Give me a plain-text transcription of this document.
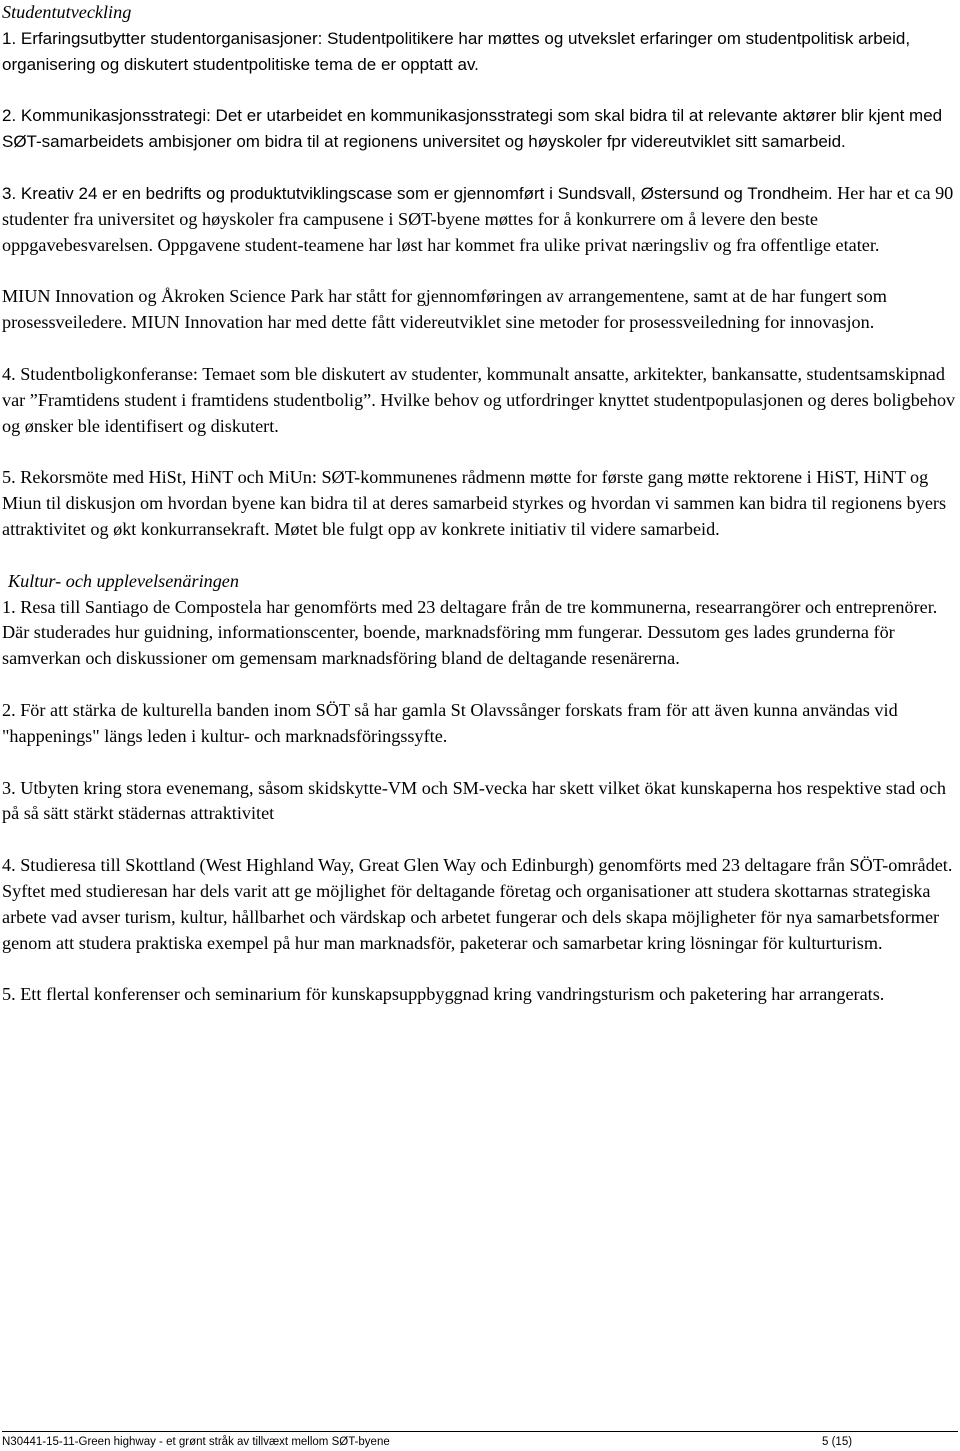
Studentutveckling

1. Erfaringsutbytter studentorganisasjoner: Studentpolitikere har møttes og utvekslet erfaringer om studentpolitisk arbeid, organisering og diskutert studentpolitiske tema de er opptatt av.

2. Kommunikasjonsstrategi: Det er utarbeidet en kommunikasjonsstrategi som skal bidra til at relevante aktører blir kjent med SØT-samarbeidets ambisjoner om bidra til at regionens universitet og høyskoler fpr videreutviklet sitt samarbeid.

3. Kreativ 24 er en bedrifts og produktutviklingscase som er gjennomført i Sundsvall, Østersund og Trondheim. Her har et ca 90 studenter fra universitet og høyskoler fra campusene i SØT-byene møttes for å konkurrere om å levere den beste oppgavebesvarelsen. Oppgavene student-teamene har løst har kommet fra ulike privat næringsliv og fra offentlige etater.

MIUN Innovation og Åkroken Science Park har stått for gjennomføringen av arrangementene, samt at de har fungert som prosessveiledere. MIUN Innovation har med dette fått videreutviklet sine metoder for prosessveiledning for innovasjon.

4. Studentboligkonferanse: Temaet som ble diskutert av studenter, kommunalt ansatte, arkitekter, bankansatte, studentsamskipnad var ”Framtidens student i framtidens studentbolig”. Hvilke behov og utfordringer knyttet studentpopulasjonen og deres boligbehov og ønsker ble identifisert og diskutert.

5. Rekorsmöte med HiSt, HiNT och MiUn: SØT-kommunenes rådmenn møtte for første gang møtte rektorene i HiST, HiNT og Miun til diskusjon om hvordan byene kan bidra til at deres samarbeid styrkes og hvordan vi sammen kan bidra til regionens byers attraktivitet og økt konkurransekraft. Møtet ble fulgt opp av konkrete initiativ til videre samarbeid.

Kultur- och upplevelsenäringen

1. Resa till Santiago de Compostela har genomförts med 23 deltagare från de tre kommunerna, researrangörer och entreprenörer. Där studerades hur guidning, informationscenter, boende, marknadsföring mm fungerar. Dessutom ges lades grunderna för samverkan och diskussioner om gemensam marknadsföring bland de deltagande resenärerna.

2. För att stärka de kulturella banden inom SÖT så har gamla St Olavssånger forskats fram för att även kunna användas vid "happenings" längs leden i kultur- och marknadsföringssyfte.

3. Utbyten kring stora evenemang, såsom skidskytte-VM och SM-vecka har skett vilket ökat kunskaperna hos respektive stad och på så sätt stärkt städernas attraktivitet

4. Studieresa till Skottland (West Highland Way, Great Glen Way och Edinburgh) genomförts med 23 deltagare från SÖT-området. Syftet med studieresan har dels varit att ge möjlighet för deltagande företag och organisationer att studera skottarnas strategiska arbete vad avser turism, kultur, hållbarhet och värdskap och arbetet fungerar och dels skapa möjligheter för nya samarbetsformer genom att studera praktiska exempel på hur man marknadsför, paketerar och samarbetar kring lösningar för kulturturism.

5. Ett flertal konferenser och seminarium för kunskapsuppbyggnad kring vandringsturism och paketering har arrangerats.

N30441-15-11-Green highway - et grønt stråk av tillvæxt mellom SØT-byene	5 (15)
